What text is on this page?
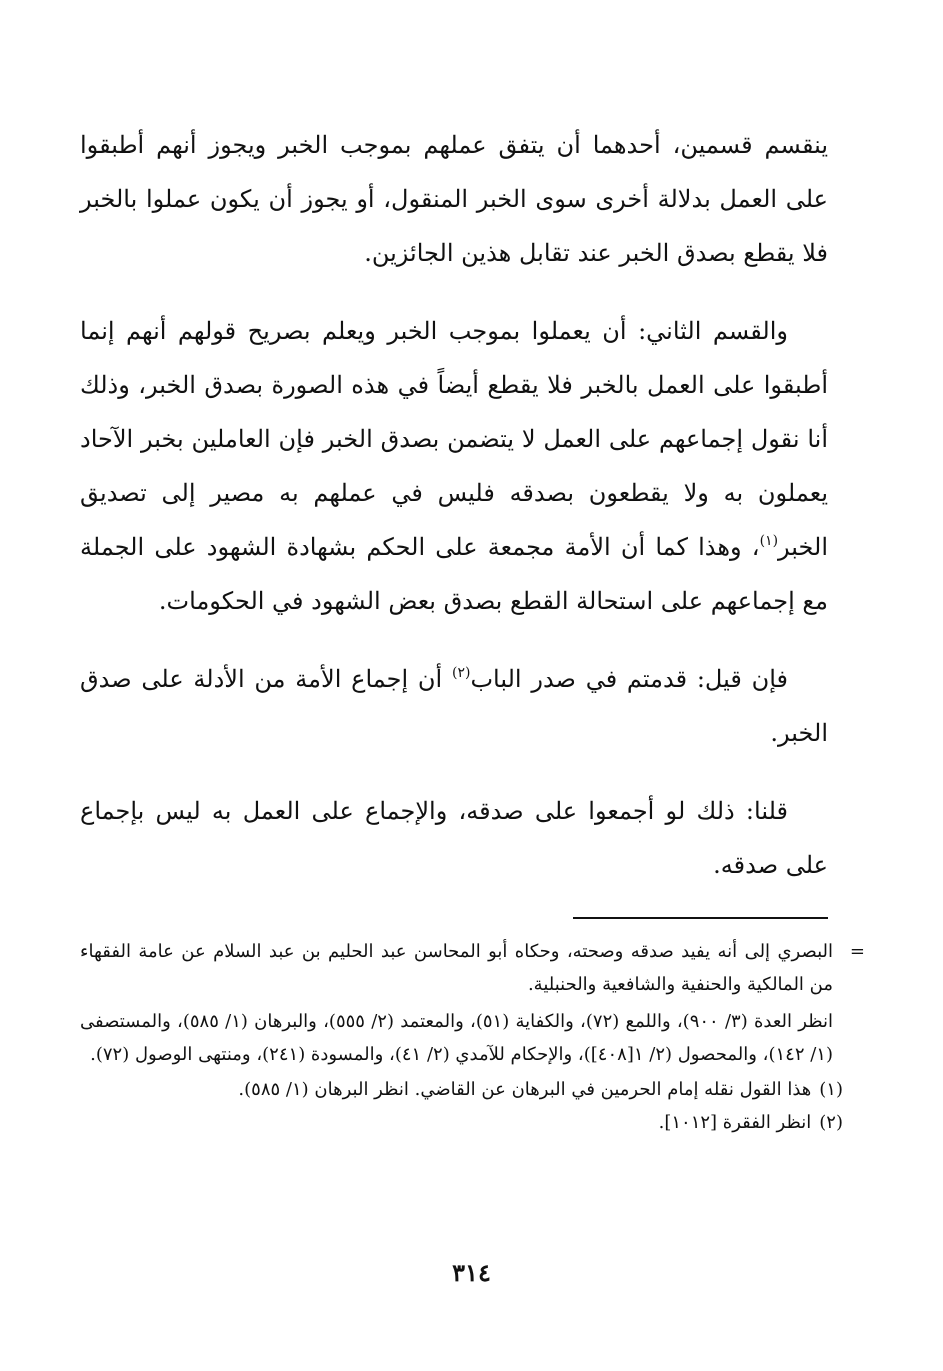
ينقسم قسمين، أحدهما أن يتفق عملهم بموجب الخبر ويجوز أنهم أطبقوا على العمل بدلالة أخرى سوى الخبر المنقول، أو يجوز أن يكون عملوا بالخبر فلا يقطع بصدق الخبر عند تقابل هذين الجائزين.

والقسم الثاني: أن يعملوا بموجب الخبر ويعلم بصريح قولهم أنهم إنما أطبقوا على العمل بالخبر فلا يقطع أيضاً في هذه الصورة بصدق الخبر، وذلك أنا نقول إجماعهم على العمل لا يتضمن بصدق الخبر فإن العاملين بخبر الآحاد يعملون به ولا يقطعون بصدقه فليس في عملهم به مصير إلى تصديق الخبر$^{(١)}$، وهذا كما أن الأمة مجمعة على الحكم بشهادة الشهود على الجملة مع إجماعهم على استحالة القطع بصدق بعض الشهود في الحكومات.

فإن قيل: قدمتم في صدر الباب$^{(٢)}$ أن إجماع الأمة من الأدلة على صدق الخبر.

قلنا: ذلك لو أجمعوا على صدقه، والإجماع على العمل به ليس بإجماع على صدقه.

=
البصري إلى أنه يفيد صدقه وصحته، وحكاه أبو المحاسن عبد الحليم بن عبد السلام عن عامة الفقهاء من المالكية والحنفية والشافعية والحنبلية.

انظر العدة (٣/ ٩٠٠)، واللمع (٧٢)، والكفاية (٥١)، والمعتمد (٢/ ٥٥٥)، والبرهان (١/ ٥٨٥)، والمستصفى (١/ ١٤٢)، والمحصول (٢/ ١[٤٠٨])، والإحكام للآمدي (٢/ ٤١)، والمسودة (٢٤١)، ومنتهى الوصول (٧٢).

(١)هذا القول نقله إمام الحرمين في البرهان عن القاضي. انظر البرهان (١/ ٥٨٥).

(٢)انظر الفقرة [١٠١٢].

٣١٤
